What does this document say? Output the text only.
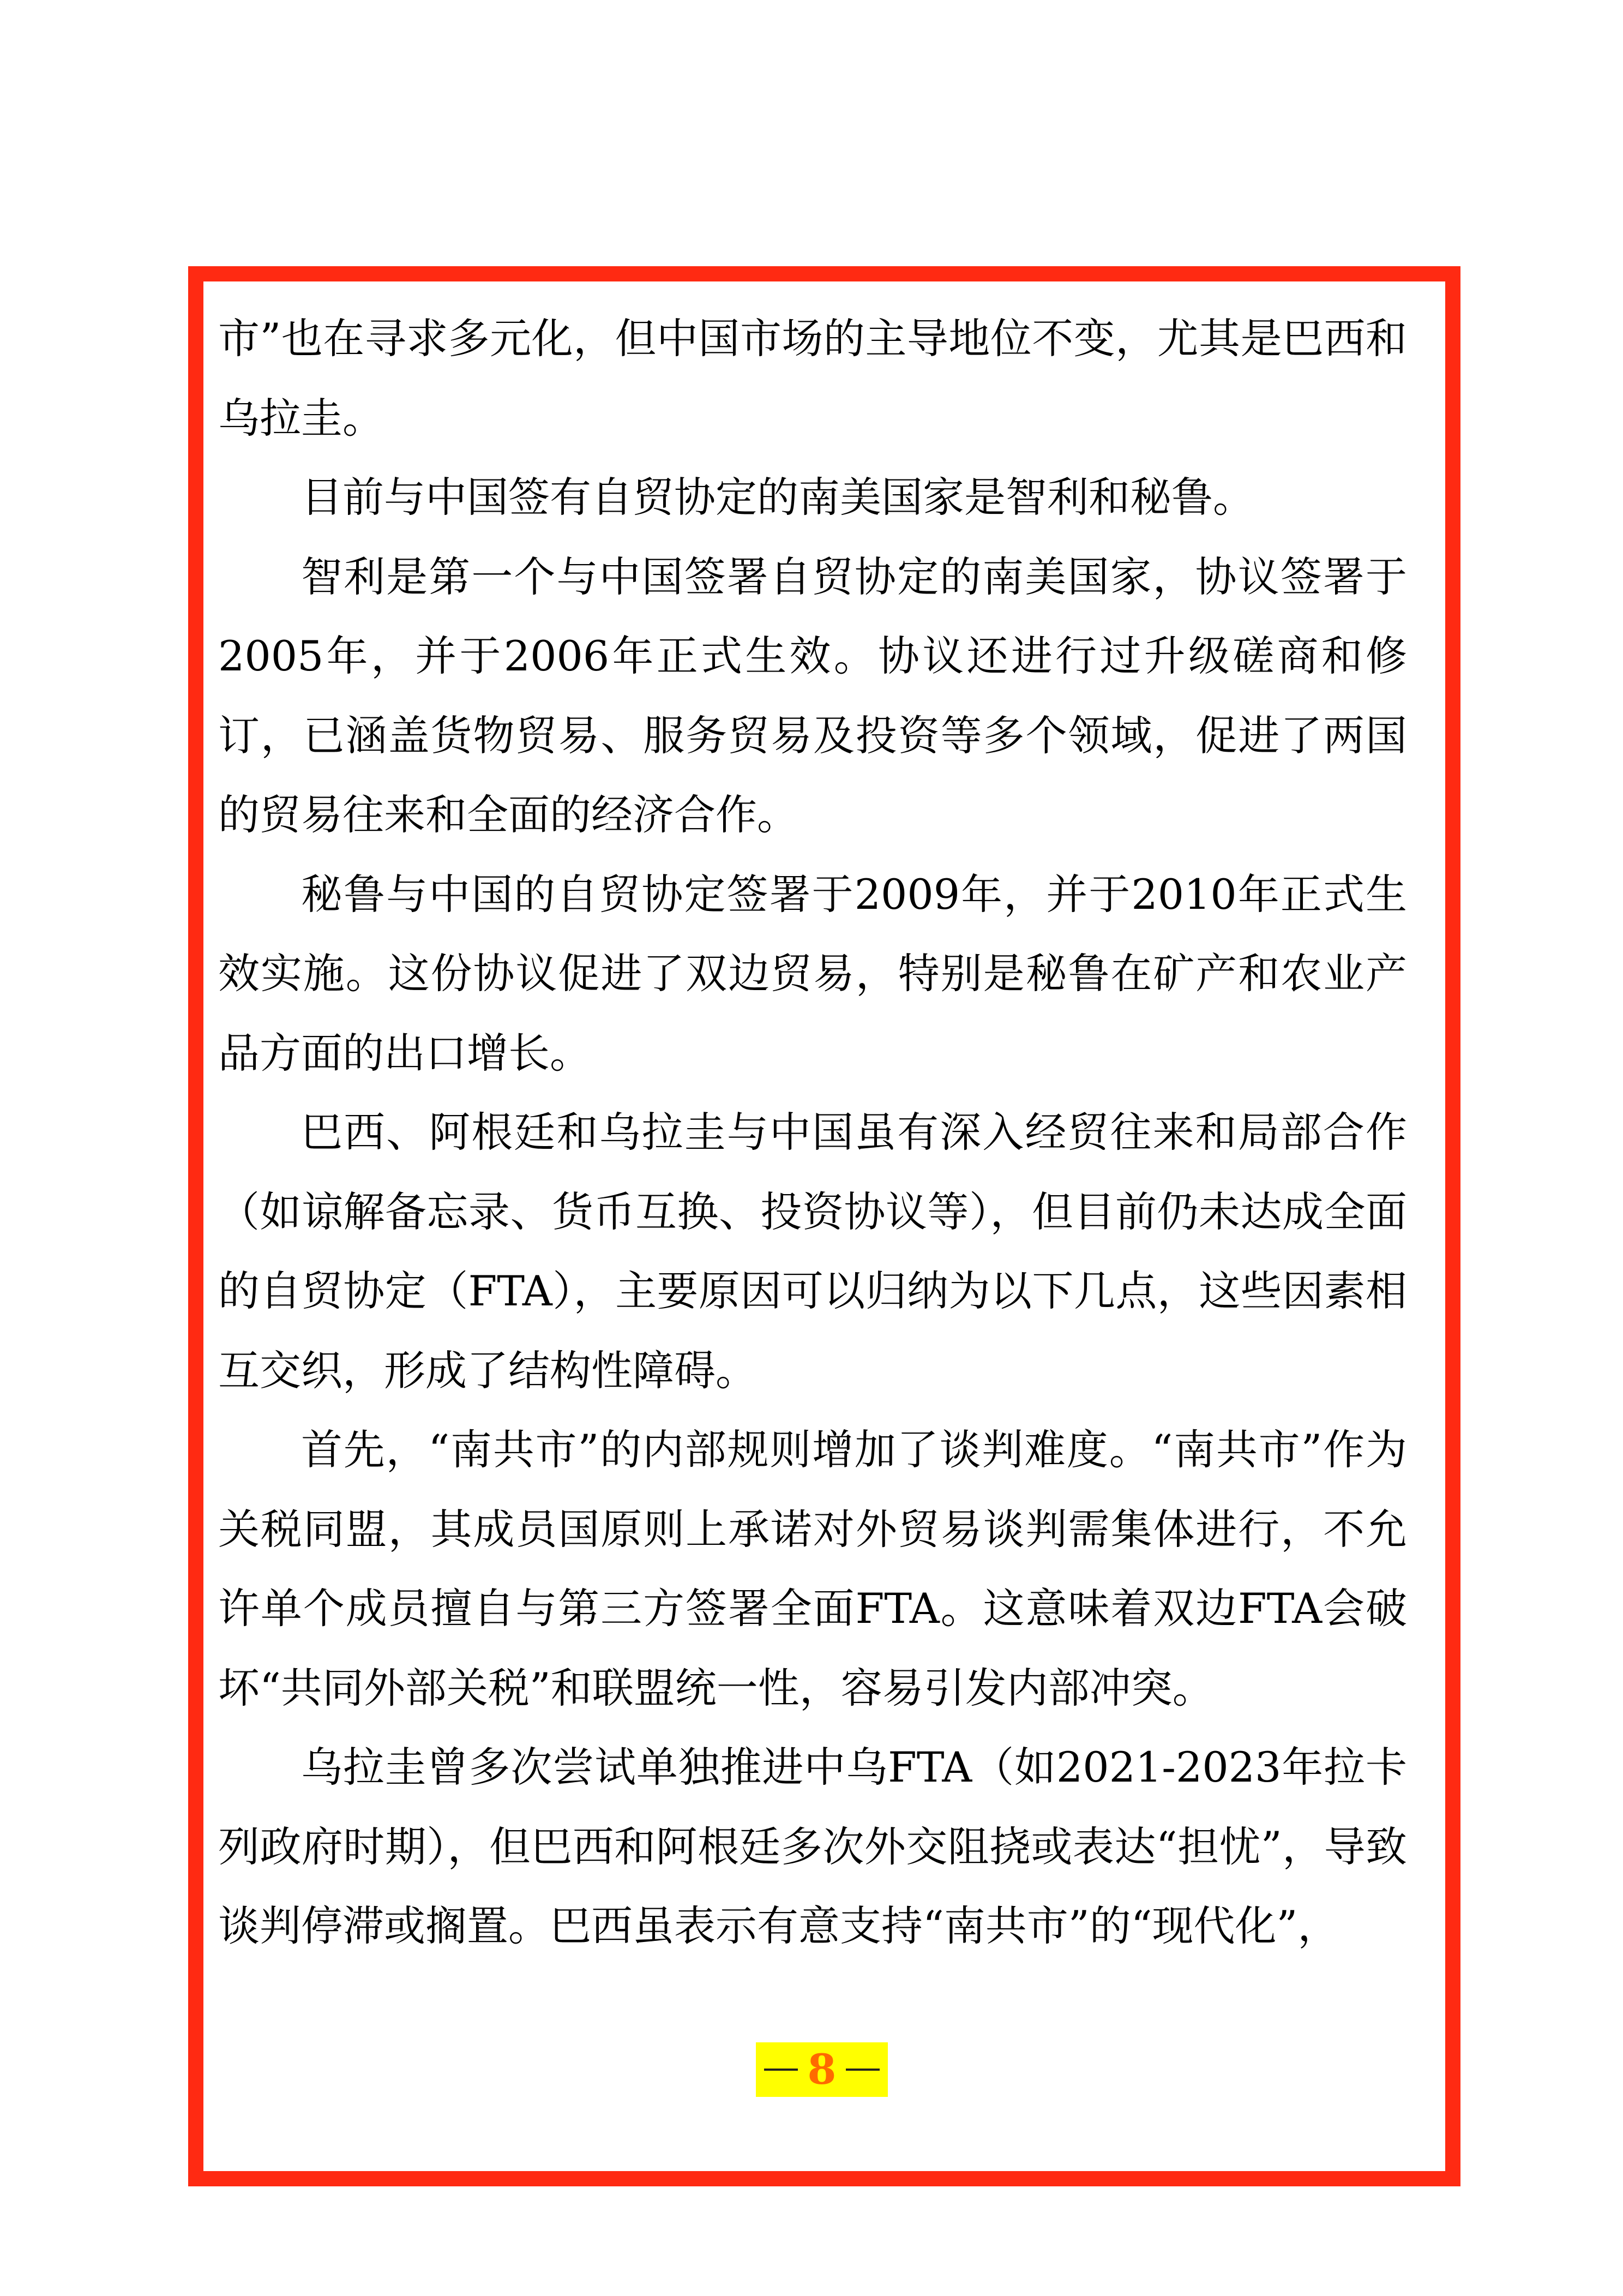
市”也在寻求多元化，但中国市场的主导地位不变，尤其是巴西和乌拉圭。

目前与中国签有自贸协定的南美国家是智利和秘鲁。

智利是第一个与中国签署自贸协定的南美国家，协议签署于2005年，并于2006年正式生效。协议还进行过升级磋商和修订，已涵盖货物贸易、服务贸易及投资等多个领域，促进了两国的贸易往来和全面的经济合作。

秘鲁与中国的自贸协定签署于2009年，并于2010年正式生效实施。这份协议促进了双边贸易，特别是秘鲁在矿产和农业产品方面的出口增长。

巴西、阿根廷和乌拉圭与中国虽有深入经贸往来和局部合作（如谅解备忘录、货币互换、投资协议等），但目前仍未达成全面的自贸协定（FTA），主要原因可以归纳为以下几点，这些因素相互交织，形成了结构性障碍。

首先，“南共市”的内部规则增加了谈判难度。“南共市”作为关税同盟，其成员国原则上承诺对外贸易谈判需集体进行，不允许单个成员擅自与第三方签署全面FTA。这意味着双边FTA会破坏“共同外部关税”和联盟统一性，容易引发内部冲突。

乌拉圭曾多次尝试单独推进中乌FTA（如2021-2023年拉卡列政府时期），但巴西和阿根廷多次外交阻挠或表达“担忧”，导致谈判停滞或搁置。巴西虽表示有意支持“南共市”的“现代化”，

8
